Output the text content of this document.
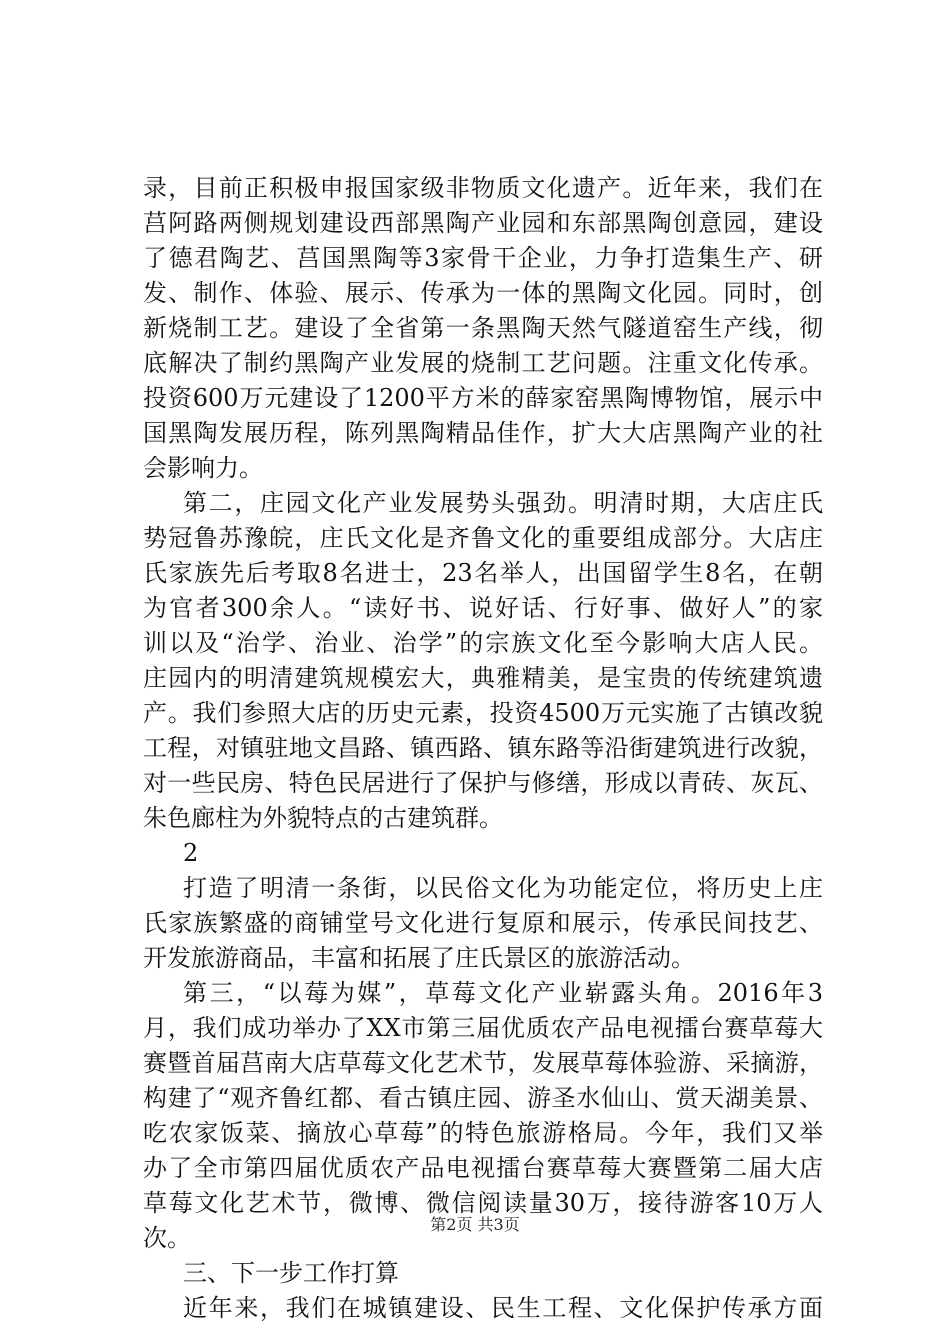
录，目前正积极申报国家级非物质文化遗产。近年来，我们在
莒阿路两侧规划建设西部黑陶产业园和东部黑陶创意园，建设
了德君陶艺、莒国黑陶等3家骨干企业，力争打造集生产、研
发、制作、体验、展示、传承为一体的黑陶文化园。同时，创
新烧制工艺。建设了全省第一条黑陶天然气隧道窑生产线，彻
底解决了制约黑陶产业发展的烧制工艺问题。注重文化传承。
投资600万元建设了1200平方米的薛家窑黑陶博物馆，展示中
国黑陶发展历程，陈列黑陶精品佳作，扩大大店黑陶产业的社
会影响力。
第二，庄园文化产业发展势头强劲。明清时期，大店庄氏
势冠鲁苏豫皖，庄氏文化是齐鲁文化的重要组成部分。大店庄
氏家族先后考取8名进士，23名举人，出国留学生8名，在朝
为官者300余人。“读好书、说好话、行好事、做好人”的家
训以及“治学、治业、治学”的宗族文化至今影响大店人民。
庄园内的明清建筑规模宏大，典雅精美，是宝贵的传统建筑遗
产。我们参照大店的历史元素，投资4500万元实施了古镇改貌
工程，对镇驻地文昌路、镇西路、镇东路等沿街建筑进行改貌，
对一些民房、特色民居进行了保护与修缮，形成以青砖、灰瓦、
朱色廊柱为外貌特点的古建筑群。
2
打造了明清一条街，以民俗文化为功能定位，将历史上庄
氏家族繁盛的商铺堂号文化进行复原和展示，传承民间技艺、
开发旅游商品，丰富和拓展了庄氏景区的旅游活动。
第三，“以莓为媒”，草莓文化产业崭露头角。2016年3
月，我们成功举办了XX市第三届优质农产品电视擂台赛草莓大
赛暨首届莒南大店草莓文化艺术节，发展草莓体验游、采摘游，
构建了“观齐鲁红都、看古镇庄园、游圣水仙山、赏天湖美景、
吃农家饭菜、摘放心草莓”的特色旅游格局。今年，我们又举
办了全市第四届优质农产品电视擂台赛草莓大赛暨第二届大店
草莓文化艺术节，微博、微信阅读量30万，接待游客10万人
次。
三、下一步工作打算
近年来，我们在城镇建设、民生工程、文化保护传承方面
第2页 共3页
